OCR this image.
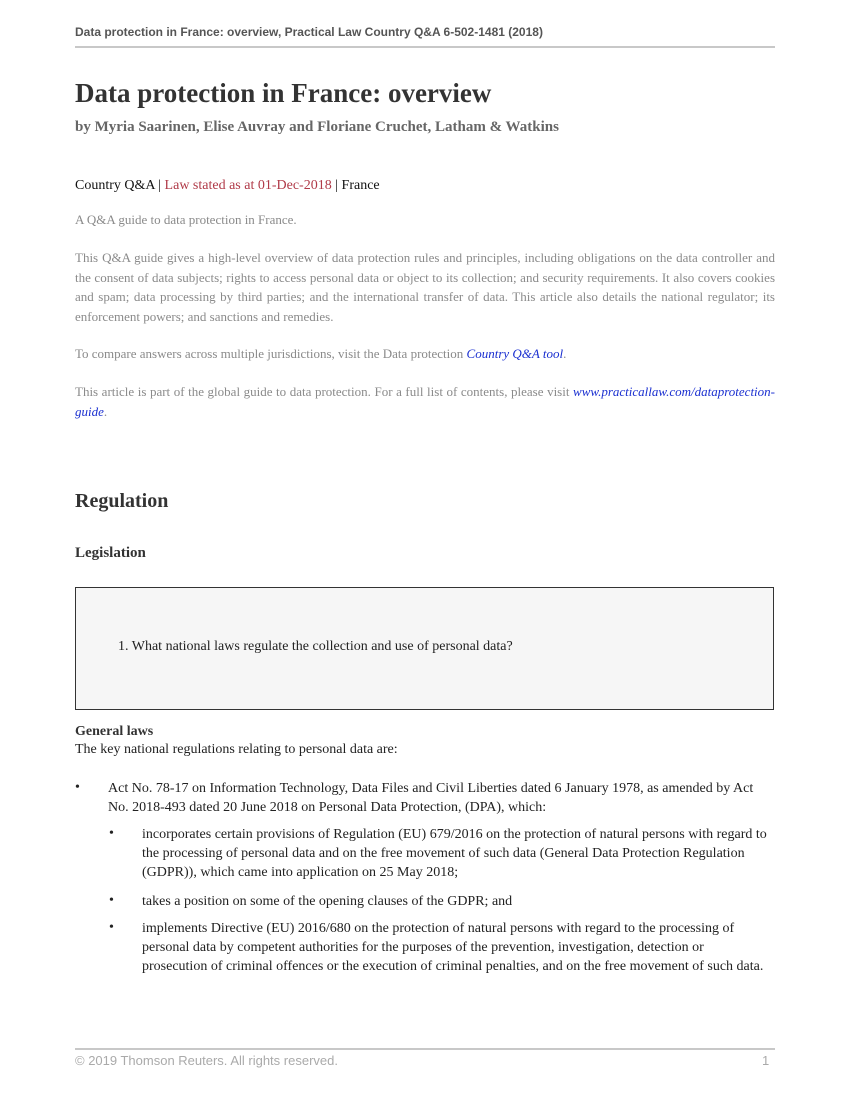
Data protection in France: overview, Practical Law Country Q&A 6-502-1481 (2018)
Data protection in France: overview
by Myria Saarinen, Elise Auvray and Floriane Cruchet, Latham & Watkins
Country Q&A | Law stated as at 01-Dec-2018 | France

A Q&A guide to data protection in France.

This Q&A guide gives a high-level overview of data protection rules and principles, including obligations on the data controller and the consent of data subjects; rights to access personal data or object to its collection; and security requirements. It also covers cookies and spam; data processing by third parties; and the international transfer of data. This article also details the national regulator; its enforcement powers; and sanctions and remedies.

To compare answers across multiple jurisdictions, visit the Data protection Country Q&A tool.

This article is part of the global guide to data protection. For a full list of contents, please visit www.practicallaw.com/dataprotection-guide.

Regulation
Legislation
1. What national laws regulate the collection and use of personal data?
General laws
The key national regulations relating to personal data are:
• Act No. 78-17 on Information Technology, Data Files and Civil Liberties dated 6 January 1978, as amended by Act No. 2018-493 dated 20 June 2018 on Personal Data Protection, (DPA), which:
• incorporates certain provisions of Regulation (EU) 679/2016 on the protection of natural persons with regard to the processing of personal data and on the free movement of such data (General Data Protection Regulation (GDPR)), which came into application on 25 May 2018;
• takes a position on some of the opening clauses of the GDPR; and
• implements Directive (EU) 2016/680 on the protection of natural persons with regard to the processing of personal data by competent authorities for the purposes of the prevention, investigation, detection or prosecution of criminal offences or the execution of criminal penalties, and on the free movement of such data.
© 2019 Thomson Reuters. All rights reserved.	1
